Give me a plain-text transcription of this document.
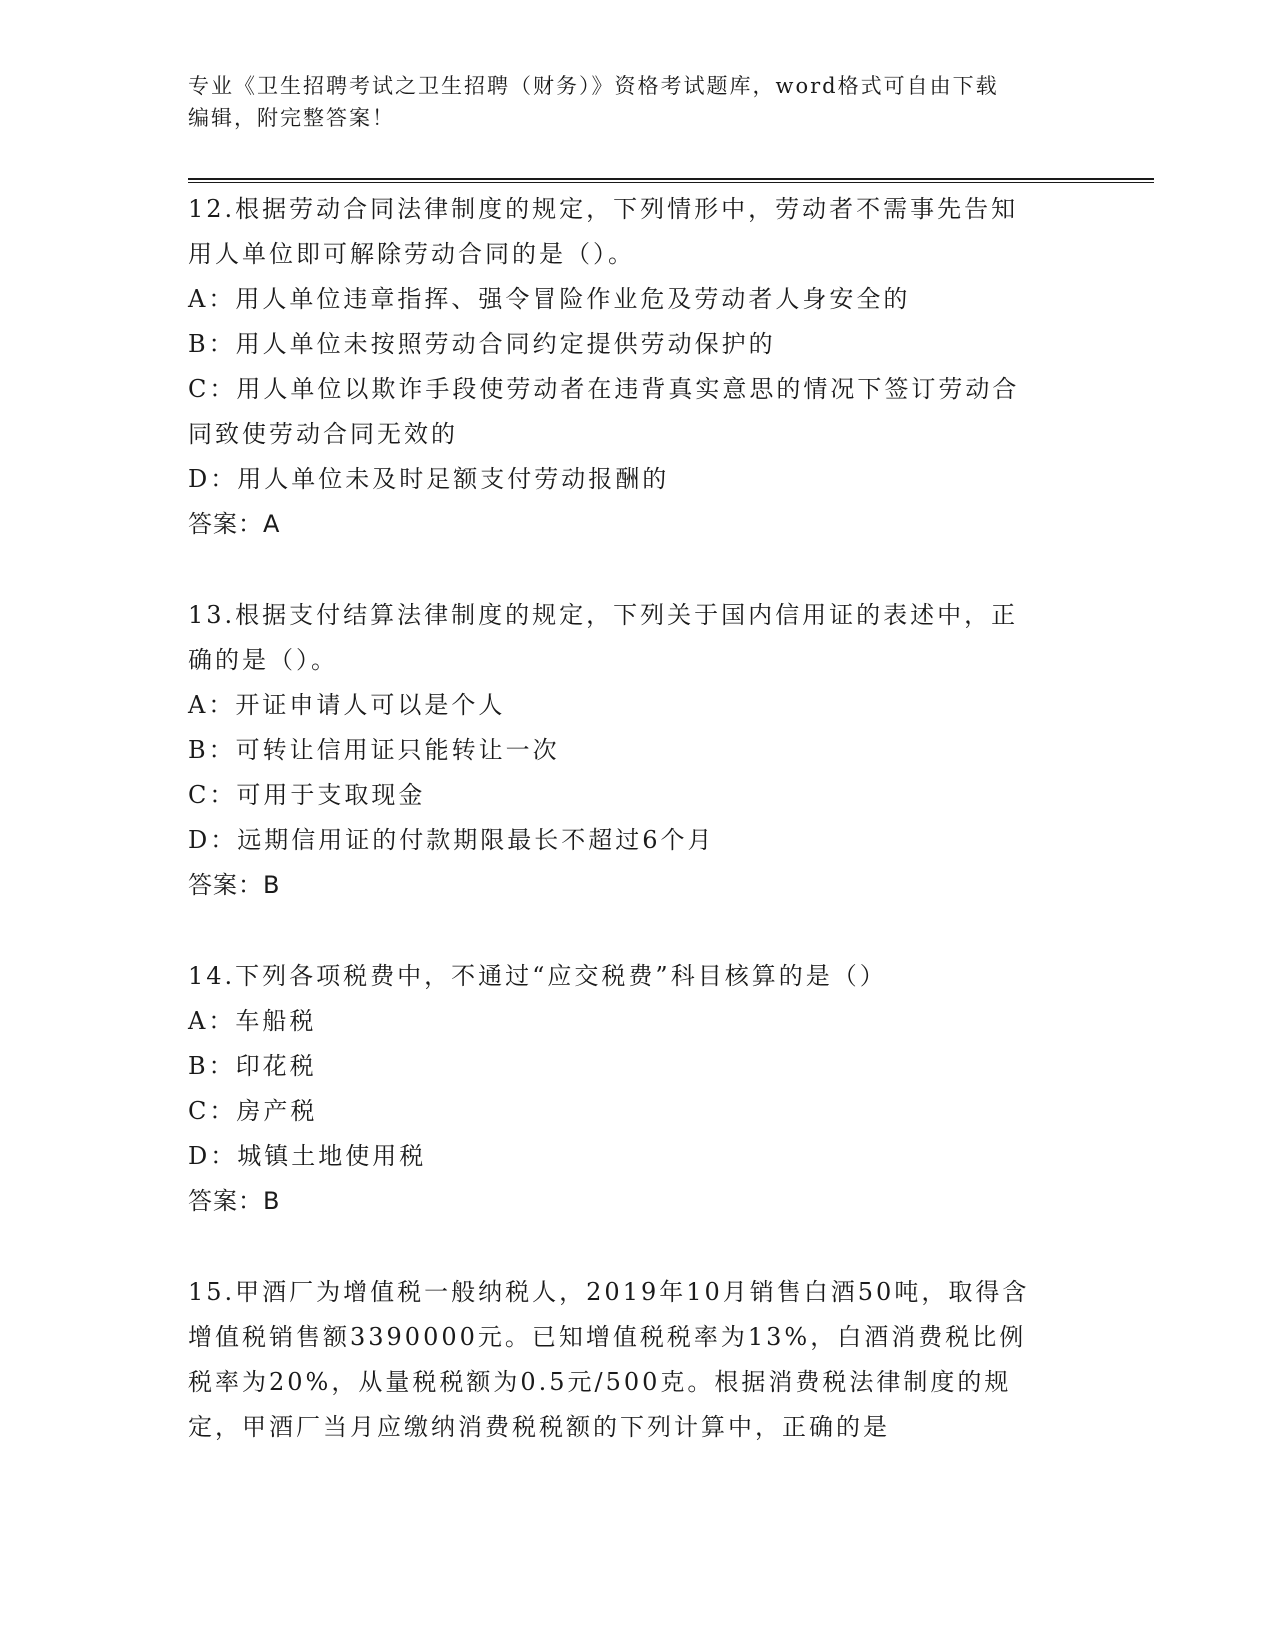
专业《卫生招聘考试之卫生招聘（财务）》资格考试题库，word格式可自由下载
编辑，附完整答案！
12.根据劳动合同法律制度的规定，下列情形中，劳动者不需事先告知
用人单位即可解除劳动合同的是（）。
A：用人单位违章指挥、强令冒险作业危及劳动者人身安全的
B：用人单位未按照劳动合同约定提供劳动保护的
C：用人单位以欺诈手段使劳动者在违背真实意思的情况下签订劳动合
同致使劳动合同无效的
D：用人单位未及时足额支付劳动报酬的
答案：A
13.根据支付结算法律制度的规定，下列关于国内信用证的表述中，正
确的是（）。
A：开证申请人可以是个人
B：可转让信用证只能转让一次
C：可用于支取现金
D：远期信用证的付款期限最长不超过6个月
答案：B
14.下列各项税费中，不通过“应交税费”科目核算的是（）
A：车船税
B：印花税
C：房产税
D：城镇土地使用税
答案：B
15.甲酒厂为增值税一般纳税人，2019年10月销售白酒50吨，取得含
增值税销售额3390000元。已知增值税税率为13%，白酒消费税比例
税率为20%，从量税税额为0.5元/500克。根据消费税法律制度的规
定，甲酒厂当月应缴纳消费税税额的下列计算中，正确的是
